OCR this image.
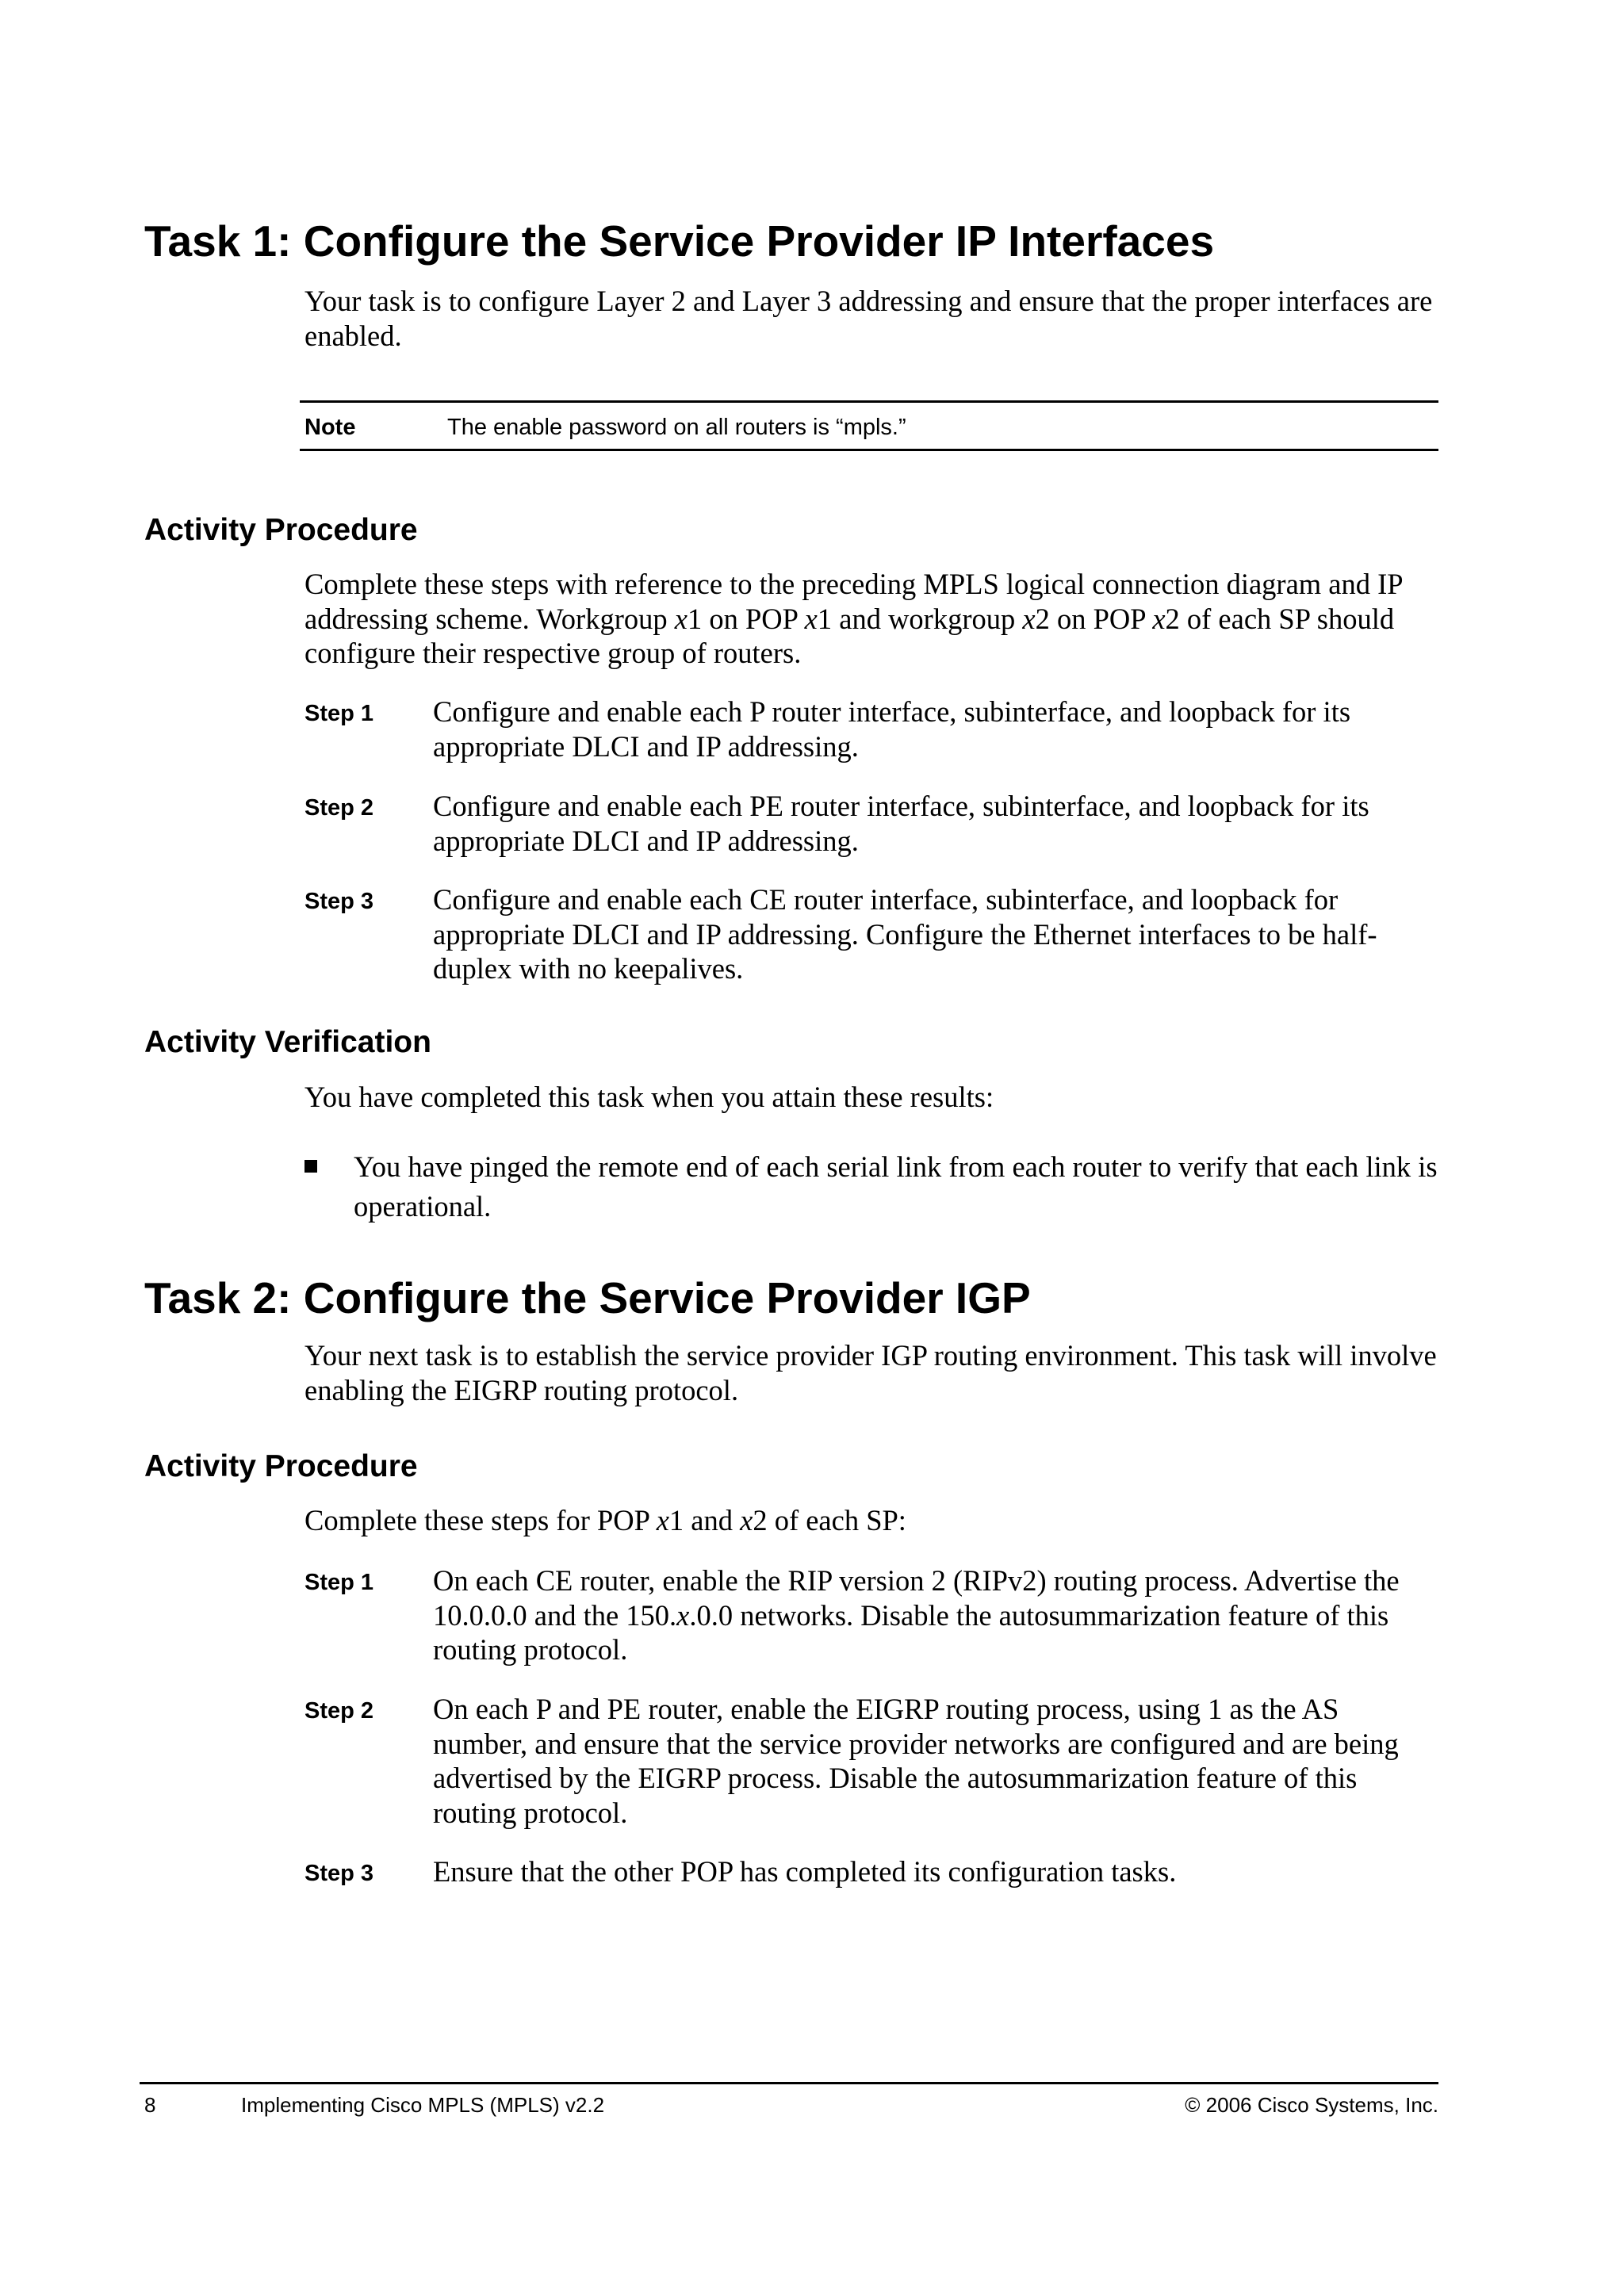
Task 1: Configure the Service Provider IP Interfaces

Your task is to configure Layer 2 and Layer 3 addressing and ensure that the proper interfaces are enabled.

Note	The enable password on all routers is “mpls.”
Activity Procedure

Complete these steps with reference to the preceding MPLS logical connection diagram and IP addressing scheme. Workgroup x1 on POP x1 and workgroup x2 on POP x2 of each SP should configure their respective group of routers.

Step 1 Configure and enable each P router interface, subinterface, and loopback for its appropriate DLCI and IP addressing.

Step 2 Configure and enable each PE router interface, subinterface, and loopback for its appropriate DLCI and IP addressing.

Step 3 Configure and enable each CE router interface, subinterface, and loopback for appropriate DLCI and IP addressing. Configure the Ethernet interfaces to be half-duplex with no keepalives.

Activity Verification

You have completed this task when you attain these results:

You have pinged the remote end of each serial link from each router to verify that each link is operational.

Task 2: Configure the Service Provider IGP

Your next task is to establish the service provider IGP routing environment. This task will involve enabling the EIGRP routing protocol.

Activity Procedure

Complete these steps for POP x1 and x2 of each SP:

Step 1 On each CE router, enable the RIP version 2 (RIPv2) routing process. Advertise the 10.0.0.0 and the 150.x.0.0 networks. Disable the autosummarization feature of this routing protocol.

Step 2 On each P and PE router, enable the EIGRP routing process, using 1 as the AS number, and ensure that the service provider networks are configured and are being advertised by the EIGRP process. Disable the autosummarization feature of this routing protocol.

Step 3 Ensure that the other POP has completed its configuration tasks.

8	Implementing Cisco MPLS (MPLS) v2.2	© 2006 Cisco Systems, Inc.
